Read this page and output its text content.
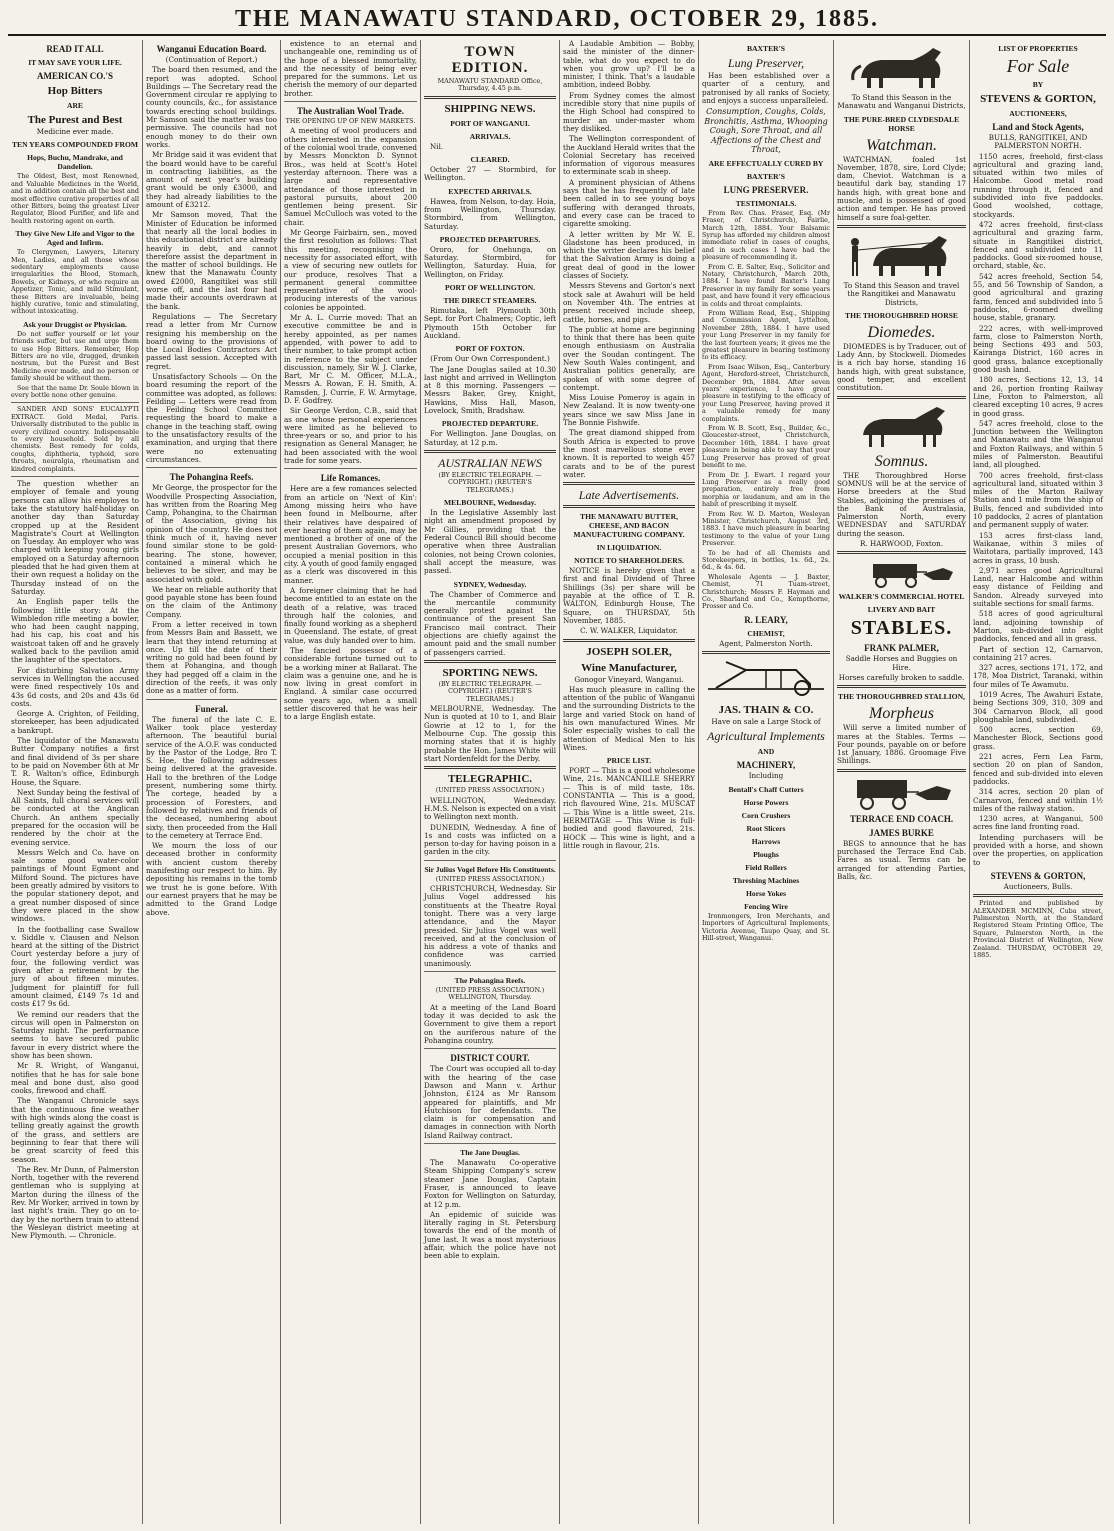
THE MANAWATU STANDARD, OCTOBER 29, 1885.
READ IT ALL
IT MAY SAVE YOUR LIFE.
AMERICAN CO.'S
Hop Bitters
ARE
The Purest and Best

Medicine ever made.

TEN YEARS COMPOUNDED FROM
Hops, Buchu, Mandrake, and Dandelion.

The Oldest, Best, most Renowned, and Valuable Medicines in the World, and in addition contain all the best and most effective curative properties of all other Bitters, being the greatest Liver Regulator, Blood Purifier, and life and health restoring agent on earth.

They Give New Life and Vigor to the Aged and Infirm.

To Clergymen, Lawyers, Literary Men, Ladies, and all those whose sedentary employments cause irregularities the Blood, Stomach, Bowels, or Kidneys, or who require an Appetizer, Tonic, and mild Stimulant, these Bitters are invaluable, being highly curative, tonic and stimulating, without intoxicating.

Ask your Druggist or Physician.

Do not suffer yourself or let your friends suffer, but use and urge them to use Hop Bitters. Remember, Hop Bitters are no vile, drugged, drunken nostrum, but the Purest and Best Medicine ever made, and no person or family should be without them.

See that the name Dr. Soule blown in every bottle none other genuine.

SANDER AND SONS' EUCALYPTI EXTRACT. Gold Medal, Paris. Universally distributed to the public in every civilized country. Indispensable to every household. Sold by all chemists. Best remedy for colds, coughs, diphtheria, typhoid, sore throats, neuralgia, rheumatism and kindred complaints.

The question whether an employer of female and young persons can allow his employes to take the statutory half-holiday on another day than Saturday cropped up at the Resident Magistrate's Court at Wellington on Tuesday. An employer who was charged with keeping young girls employed on a Saturday afternoon pleaded that he had given them at their own request a holiday on the Thursday instead of on the Saturday.

An English paper tells the following little story: At the Wimbledon rifle meeting a bowler, who had been caught napping, had his cap, his coat and his waistcoat taken off and he gravely walked back to the pavilion amid the laughter of the spectators.

For disturbing Salvation Army services in Wellington the accused were fined respectively 10s and 43s 6d costs, and 20s and 43s 6d costs.

George A. Crighton, of Feilding, storekeeper, has been adjudicated a bankrupt.

The liquidator of the Manawatu Butter Company notifies a first and final dividend of 3s per share to be paid on November 6th at Mr T. R. Walton's office, Edinburgh House, the Square.

Next Sunday being the festival of All Saints, full choral services will be conducted at the Anglican Church. An anthem specially prepared for the occasion will be rendered by the choir at the evening service.

Messrs Welch and Co. have on sale some good water-color paintings of Mount Egmont and Milford Sound. The pictures have been greatly admired by visitors to the popular stationery depot, and a great number disposed of since they were placed in the show windows.

In the footballing case Swallow v. Siddle v. Clausen and Nelson heard at the sitting of the District Court yesterday before a jury of four, the following verdict was given after a retirement by the jury of about fifteen minutes. Judgment for plaintiff for full amount claimed, £149 7s 1d and costs £17 9s 6d.

We remind our readers that the circus will open in Palmerston on Saturday night. The performance seems to have secured public favour in every district where the show has been shown.

Mr R. Wright, of Wanganui, notifies that he has for sale bone meal and bone dust, also good cooks, firewood and chaff.

The Wanganui Chronicle says that the continuous fine weather with high winds along the coast is telling greatly against the growth of the grass, and settlers are beginning to fear that there will be great scarcity of feed this season.

The Rev. Mr Dunn, of Palmerston North, together with the reverend gentleman who is supplying at Marton during the illness of the Rev. Mr Worker, arrived in town by last night's train. They go on to-day by the northern train to attend the Wesleyan district meeting at New Plymouth. — Chronicle.

Wanganui Education Board.

(Continuation of Report.)

The board then resumed, and the report was adopted. School Buildings — The Secretary read the Government circular re applying to county councils, &c., for assistance towards erecting school buildings. Mr Samson said the matter was too permissive. The councils had not enough money to do their own works.

Mr Bridge said it was evident that the board would have to be careful in contracting liabilities, as the amount of next year's building grant would be only £3000, and they had already liabilities to the amount of £3212.

Mr Samson moved, That the Minister of Education be informed that nearly all the local bodies in this educational district are already heavily in debt, and cannot therefore assist the department in the matter of school buildings. He knew that the Manawatu County owed £2000, Rangitikei was still worse off, and the last four had made their accounts overdrawn at the bank.

Regulations — The Secretary read a letter from Mr Curnow resigning his membership on the board owing to the provisions of the Local Bodies Contractors Act passed last session. Accepted with regret.

Unsatisfactory Schools — On the board resuming the report of the committee was adopted, as follows: Feilding — Letters were read from the Feilding School Committee requesting the board to make a change in the teaching staff, owing to the unsatisfactory results of the examination, and urging that there were no extenuating circumstances.

The Pohangina Reefs.

Mr George, the prospector for the Woodville Prospecting Association, has written from the Roaring Meg Camp, Pohangina, to the Chairman of the Association, giving his opinion of the country. He does not think much of it, having never found similar stone to be gold-bearing. The stone, however, contained a mineral which he believes to be silver, and may be associated with gold.

We hear on reliable authority that good payable stone has been found on the claim of the Antimony Company.

From a letter received in town from Messrs Bain and Bassett, we learn that they intend returning at once. Up till the date of their writing no gold had been found by them at Pohangina, and though they had pegged off a claim in the direction of the reefs, it was only done as a matter of form.

Funeral.

The funeral of the late C. E. Walker took place yesterday afternoon. The beautiful burial service of the A.O.F. was conducted by the Pastor of the Lodge, Bro T. S. Hoe, the following addresses being delivered at the graveside. Hall to the brethren of the Lodge present, numbering some thirty. The cortege, headed by a procession of Foresters, and followed by relatives and friends of the deceased, numbering about sixty, then proceeded from the Hall to the cemetery at Terrace End.

We mourn the loss of our deceased brother in conformity with ancient custom thereby manifesting our respect to him. By depositing his remains in the tomb we trust he is gone before. With our earnest prayers that he may be admitted to the Grand Lodge above.

existence to an eternal and unchangeable one, reminding us of the hope of a blessed immortality, and the necessity of being ever prepared for the summons. Let us cherish the memory of our departed brother.

The Australian Wool Trade.

THE OPENING UP OF NEW MARKETS.

A meeting of wool producers and others interested in the expansion of the colonial wool trade, convened by Messrs Monckton D. Synnot Bros., was held at Scott's Hotel yesterday afternoon. There was a large and representative attendance of those interested in pastoral pursuits, about 200 gentlemen being present. Sir Samuel McCulloch was voted to the chair.

Mr George Fairbairn, sen., moved the first resolution as follows: That this meeting, recognising the necessity for associated effort, with a view of securing new outlets for our produce, resolves That a permanent general committee representative of the wool-producing interests of the various colonies be appointed.

Mr A. L. Currie moved: That an executive committee be and is hereby appointed, as per names appended, with power to add to their number, to take prompt action in reference to the subject under discussion, namely, Sir W. J. Clarke, Bart, Mr C. M. Officer, M.L.A., Messrs A. Rowan, F. H. Smith, A. Ramsden, J. Currie, F. W. Armytage, D. F. Godfrey.

Sir George Verdon, C.B., said that as one whose personal experiences were limited as he believed to three-years or so, and prior to his resignation as General Manager, he had been associated with the wool trade for some years.

Life Romances.

Here are a few romances selected from an article on 'Next of Kin': Among missing heirs who have been found in Melbourne, after their relatives have despaired of ever hearing of them again, may be mentioned a brother of one of the present Australian Governors, who occupied a menial position in this city. A youth of good family engaged as a clerk was discovered in this manner.

A foreigner claiming that he had become entitled to an estate on the death of a relative, was traced through half the colonies, and finally found working as a shepherd in Queensland. The estate, of great value, was duly handed over to him.

The fancied possessor of a considerable fortune turned out to be a working miner at Ballarat. The claim was a genuine one, and he is now living in great comfort in England. A similar case occurred some years ago, when a small settler discovered that he was heir to a large English estate.

TOWN EDITION.

MANAWATU STANDARD Office, Thursday, 4.45 p.m.

SHIPPING NEWS.
PORT OF WANGANUI.
ARRIVALS.

Nil.

CLEARED.

October 27 — Stormbird, for Wellington.

EXPECTED ARRIVALS.

Hawea, from Nelson, to-day. Hoia, from Wellington, Thursday. Stormbird, from Wellington, Saturday.

PROJECTED DEPARTURES.

Ororo, for Onehunga, on Saturday. Stormbird, for Wellington, Saturday. Huia, for Wellington, on Friday.

PORT OF WELLINGTON.
THE DIRECT STEAMERS.

Rimutaka, left Plymouth 30th Sept. for Port Chalmers; Coptic, left Plymouth 15th October for Auckland.

PORT OF FOXTON.

(From Our Own Correspondent.)

The Jane Douglas sailed at 10.30 last night and arrived in Wellington at 8 this morning. Passengers — Messrs Baker, Grey, Knight, Hawkins, Miss Hall, Mason, Lovelock, Smith, Bradshaw.

PROJECTED DEPARTURE.

For Wellington. Jane Douglas, on Saturday, at 12 p.m.

AUSTRALIAN NEWS

(BY ELECTRIC TELEGRAPH. — COPYRIGHT.) (REUTER'S TELEGRAMS.)

MELBOURNE, Wednesday.

In the Legislative Assembly last night an amendment proposed by Mr Gillies, providing that the Federal Council Bill should become operative when three Australian colonies, not being Crown colonies, shall accept the measure, was passed.

SYDNEY, Wednesday.

The Chamber of Commerce and the mercantile community generally protest against the continuance of the present San Francisco mail contract. Their objections are chiefly against the amount paid and the small number of passengers carried.

SPORTING NEWS.

(BY ELECTRIC TELEGRAPH. — COPYRIGHT.) (REUTER'S TELEGRAMS.)

MELBOURNE, Wednesday. The Nun is quoted at 10 to 1, and Blair Gowrie at 12 to 1, for the Melbourne Cup. The gossip this morning states that it is highly probable the Hon. James White will start Nordenfeldt for the Derby.

TELEGRAPHIC.

(UNITED PRESS ASSOCIATION.)

WELLINGTON, Wednesday. H.M.S. Nelson is expected on a visit to Wellington next month.

DUNEDIN, Wednesday. A fine of 1s and costs was inflicted on a person to-day for having poison in a garden in the city.

Sir Julius Vogel Before His Constituents.

(UNITED PRESS ASSOCIATION.)

CHRISTCHURCH, Wednesday. Sir Julius Vogel addressed his constituents at the Theatre Royal tonight. There was a very large attendance, and the Mayor presided. Sir Julius Vogel was well received, and at the conclusion of his address a vote of thanks and confidence was carried unanimously.

The Pohangina Reefs.

(UNITED PRESS ASSOCIATION.) WELLINGTON, Thursday.

At a meeting of the Land Board today it was decided to ask the Government to give them a report on the auriferous nature of the Pohangina country.

DISTRICT COURT.

The Court was occupied all to-day with the hearing of the case Dawson and Mann v. Arthur Johnston, £124 as Mr Ransom appeared for plaintiffs, and Mr Hutchison for defendants. The claim is for compensation and damages in connection with North Island Railway contract.

The Jane Douglas.

The Manawatu Co-operative Steam Shipping Company's screw steamer Jane Douglas, Captain Fraser, is announced to leave Foxton for Wellington on Saturday, at 12 p.m.

An epidemic of suicide was literally raging in St. Petersburg towards the end of the month of June last. It was a most mysterious affair, which the police have not been able to explain.

A Laudable Ambition — Bobby, said the minister of the dinner-table, what do you expect to do when you grow up? I'll be a minister, I think. That's a laudable ambition, indeed Bobby.

From Sydney comes the almost incredible story that nine pupils of the High School had conspired to murder an under-master whom they disliked.

The Wellington correspondent of the Auckland Herald writes that the Colonial Secretary has received information of vigorous measures to exterminate scab in sheep.

A prominent physician of Athens says that he has frequently of late been called in to see young boys suffering with deranged throats, and every case can be traced to cigarette smoking.

A letter written by Mr W. E. Gladstone has been produced, in which the writer declares his belief that the Salvation Army is doing a great deal of good in the lower classes of Society.

Messrs Stevens and Gorton's next stock sale at Awahuri will be held on November 4th. The entries at present received include sheep, cattle, horses, and pigs.

The public at home are beginning to think that there has been quite enough enthusiasm on Australia over the Soudan contingent. The New South Wales contingent, and Australian politics generally, are spoken of with some degree of contempt.

Miss Louise Pomeroy is again in New Zealand. It is now twenty-one years since we saw Miss Jane in The Bonnie Fishwife.

The great diamond shipped from South Africa is expected to prove the most marvellous stone ever known. It is reported to weigh 457 carats and to be of the purest water.

Late Advertisements.
THE MANAWATU BUTTER, CHEESE, AND BACON MANUFACTURING COMPANY.
IN LIQUIDATION.
NOTICE TO SHAREHOLDERS.

NOTICE is hereby given that a first and final Dividend of Three Shillings (3s) per share will be payable at the office of T. R. WALTON, Edinburgh House, The Square, on THURSDAY, 5th November, 1885.

C. W. WALKER, Liquidator.

JOSEPH SOLER,
Wine Manufacturer,

Gonogor Vineyard, Wanganui.

Has much pleasure in calling the attention of the public of Wanganui and the surrounding Districts to the large and varied Stock on hand of his own manufactured Wines. Mr Soler especially wishes to call the attention of Medical Men to his Wines.

PRICE LIST.

PORT — This is a good wholesome Wine, 21s. MANCANILLE SHERRY — This is of mild taste, 18s. CONSTANTIA — This is a good, rich flavoured Wine, 21s. MUSCAT — This Wine is a little sweet, 21s. HERMITAGE — This Wine is full-bodied and good flavoured, 21s. HOCK — This wine is light, and a little rough in flavour, 21s.

BAXTER'S
Lung Preserver,

Has been established over a quarter of a century, and patronised by all ranks of Society, and enjoys a success unparalleled.

Consumption, Coughs, Colds, Bronchitis, Asthma, Whooping Cough, Sore Throat, and all Affections of the Chest and Throat,

ARE EFFECTUALLY CURED BY
BAXTER'S
LUNG PRESERVER.
TESTIMONIALS.

From Rev. Chas. Fraser, Esq. (Mr Fraser, of Christchurch), Fairlie, March 12th, 1884. Your Balsamic Syrup has afforded my children almost immediate relief in cases of coughs, and in such cases I have had the pleasure of recommending it.

From C. E. Salter, Esq., Solicitor and Notary, Christchurch, March 20th, 1884. I have found Baxter's Lung Preserver in my family for some years past, and have found it very efficacious in colds and throat complaints.

From William Read, Esq., Shipping and Commission Agent, Lyttelton, November 28th, 1884. I have used your Lung Preserver in my family for the last fourteen years; it gives me the greatest pleasure in bearing testimony to its efficacy.

From Isaac Wilson, Esq., Canterbury Agent, Hereford-street, Christchurch, December 9th, 1884. After seven years' experience, I have great pleasure in testifying to the efficacy of your Lung Preserver, having proved it a valuable remedy for many complaints.

From W. B. Scott, Esq., Builder, &c., Gloucester-street, Christchurch, December 16th, 1884. I have great pleasure in being able to say that your Lung Preserver has proved of great benefit to me.

From Dr. J. Ewart. I regard your Lung Preserver as a really good preparation, entirely free from morphia or laudanum, and am in the habit of prescribing it myself.

From Rev. W. D. Marton, Wesleyan Minister, Christchurch, August 3rd, 1883. I have much pleasure in bearing testimony to the value of your Lung Preserver.

To be had of all Chemists and Storekeepers, in bottles, 1s. 6d., 2s. 6d., & 4s. 6d.

Wholesale Agents — J. Baxter, Chemist, 71 Tuam-street, Christchurch; Messrs F. Hayman and Co., Sharland and Co., Kempthorne, Prosser and Co.

R. LEARY,
CHEMIST,

Agent, Palmerston North.

JAS. THAIN & CO.

Have on sale a Large Stock of

Agricultural Implements
AND
MACHINERY,

Including

Bentall's Chaff Cutters
Horse Powers
Corn Crushers
Root Slicers
Harrows
Ploughs
Field Rollers
Threshing Machines
Horse Yokes
Fencing Wire

Ironmongers, Iron Merchants, and Importers of Agricultural Implements, Victoria Avenue, Taupo Quay, and St. Hill-street, Wanganui.

To Stand this Season in the Manawatu and Wanganui Districts,

THE PURE-BRED CLYDESDALE HORSE
Watchman.

WATCHMAN, foaled 1st November, 1878, sire, Lord Clyde; dam, Cheviot. Watchman is a beautiful dark bay, standing 17 hands high, with great bone and muscle, and is possessed of good action and temper. He has proved himself a sure foal-getter.

To Stand this Season and travel the Rangitikei and Manawatu Districts,

THE THOROUGHBRED HORSE
Diomedes.

DIOMEDES is by Traducer, out of Lady Ann, by Stockwell. Diomedes is a rich bay horse, standing 16 hands high, with great substance, good temper, and excellent constitution.

Somnus.

THE Thoroughbred Horse SOMNUS will be at the service of Horse breeders at the Stud Stables, adjoining the premises of the Bank of Australasia, Palmerston North, every WEDNESDAY and SATURDAY during the season.

R. HARWOOD, Foxton.

WALKER'S COMMERCIAL HOTEL
LIVERY AND BAIT
STABLES.
FRANK PALMER,

Saddle Horses and Buggies on Hire.

Horses carefully broken to saddle.

THE THOROUGHBRED STALLION,
Morpheus

Will serve a limited number of mares at the Stables. Terms — Four pounds, payable on or before 1st January, 1886. Groomage Five Shillings.

TERRACE END COACH.
JAMES BURKE

BEGS to announce that he has purchased the Terrace End Cab. Fares as usual. Terms can be arranged for attending Parties, Balls, &c.

LIST OF PROPERTIES
For Sale
BY
STEVENS & GORTON,
AUCTIONEERS,
Land and Stock Agents,

BULLS, RANGITIKEI, AND PALMERSTON NORTH.

1150 acres, freehold, first-class agricultural and grazing land, situated within two miles of Halcombe. Good metal road running through it, fenced and subdivided into five paddocks. Good woolshed, cottage, stockyards.

472 acres freehold, first-class agricultural and grazing farm, situate in Rangitikei district, fenced and subdivided into 11 paddocks. Good six-roomed house, orchard, stable, &c.

542 acres freehold, Section 54, 55, and 56 Township of Sandon, a good agricultural and grazing farm, fenced and subdivided into 5 paddocks, 6-roomed dwelling house, stable, granary.

222 acres, with well-improved farm, close to Palmerston North, being Sections 493 and 503, Kairanga District, 160 acres in good grass, balance exceptionally good bush land.

180 acres, Sections 12, 13, 14 and 26, portion fronting Railway Line, Foxton to Palmerston, all cleared excepting 10 acres, 9 acres in good grass.

547 acres freehold, close to the Junction between the Wellington and Manawatu and the Wanganui and Foxton Railways, and within 5 miles of Palmerston. Beautiful land, all ploughed.

700 acres freehold, first-class agricultural land, situated within 3 miles of the Marton Railway Station and 1 mile from the ship of Bulls, fenced and subdivided into 10 paddocks, 2 acres of plantation and permanent supply of water.

153 acres first-class land, Waikanae, within 3 miles of Waitotara, partially improved, 143 acres in grass, 10 bush.

2,971 acres good Agricultural Land, near Halcombe and within easy distance of Feilding and Sandon. Already surveyed into suitable sections for small farms.

518 acres of good agricultural land, adjoining township of Marton, sub-divided into eight paddocks, fenced and all in grass.

Part of section 12, Carnarvon, containing 217 acres.

327 acres, sections 171, 172, and 178, Moa District, Taranaki, within four miles of Te Awamutu.

1019 Acres, The Awahuri Estate, being Sections 309, 310, 309 and 304 Carnarvon Block, all good ploughable land, subdivided.

500 acres, section 69, Manchester Block, Sections good grass.

221 acres, Fern Lea Farm, section 20 on plan of Sandon, fenced and sub-divided into eleven paddocks.

314 acres, section 20 plan of Carnarvon, fenced and within 1½ miles of the railway station.

1230 acres, at Wanganui, 500 acres fine land fronting road.

Intending purchasers will be provided with a horse, and shown over the properties, on application to

STEVENS & GORTON,

Auctioneers, Bulls.

Printed and published by ALEXANDER MCMINN, Cuba street, Palmerston North, at the Standard Registered Steam Printing Office, The Square, Palmerston North, in the Provincial District of Wellington, New Zealand. THURSDAY, OCTOBER 29, 1885.
